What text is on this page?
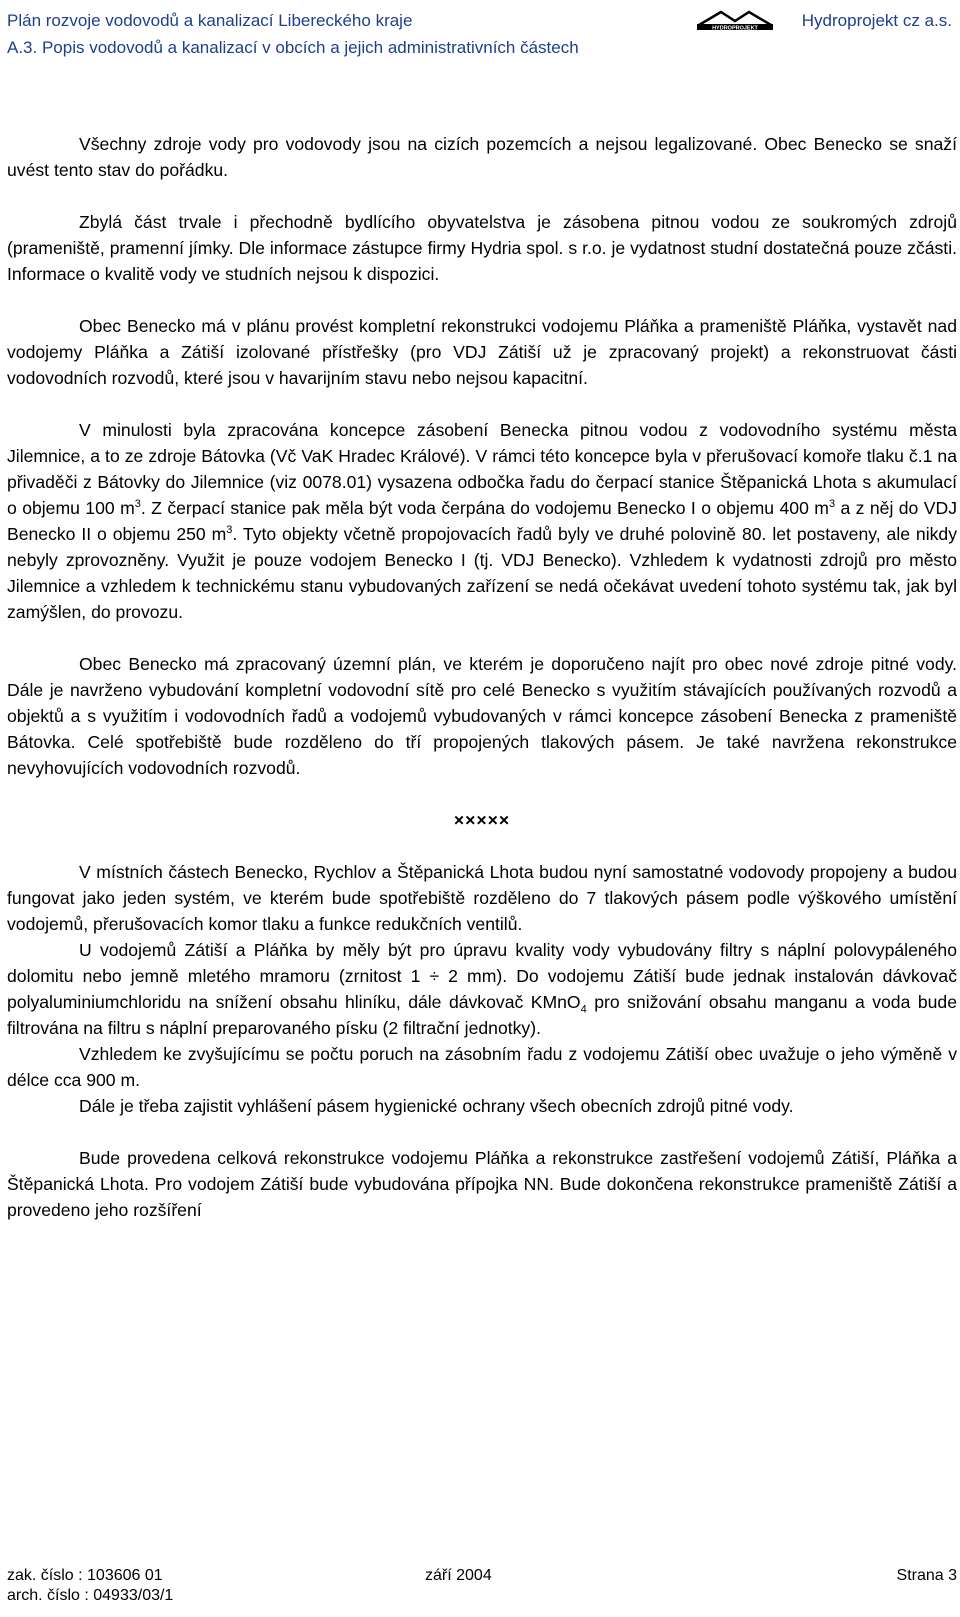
Plán rozvoje vodovodů a kanalizací Libereckého kraje	HYDROPROJEKT	Hydroprojekt cz a.s.
A.3. Popis vodovodů a kanalizací v obcích a jejich administrativních částech

Všechny zdroje vody pro vodovody jsou na cizích pozemcích a nejsou legalizované. Obec Benecko se snaží uvést tento stav do pořádku.

Zbylá část trvale i přechodně bydlícího obyvatelstva je zásobena pitnou vodou ze soukromých zdrojů (prameniště, pramenní jímky. Dle informace zástupce firmy Hydria spol. s r.o. je vydatnost studní dostatečná pouze zčásti. Informace o kvalitě vody ve studních nejsou k dispozici.

Obec Benecko má v plánu provést kompletní rekonstrukci vodojemu Pláňka a prameniště Pláňka, vystavět nad vodojemy Pláňka a Zátiší izolované přístřešky (pro VDJ Zátiší už je zpracovaný projekt) a rekonstruovat části vodovodních rozvodů, které jsou v havarijním stavu nebo nejsou kapacitní.

V minulosti byla zpracována koncepce zásobení Benecka pitnou vodou z vodovodního systému města Jilemnice, a to ze zdroje Bátovka (Vč VaK Hradec Králové). V rámci této koncepce byla v přerušovací komoře tlaku č.1 na přivaděči z Bátovky do Jilemnice (viz 0078.01) vysazena odbočka řadu do čerpací stanice Štěpanická Lhota s akumulací o objemu 100 $m^3$. Z čerpací stanice pak měla být voda čerpána do vodojemu Benecko I o objemu 400 $m^3$ a z něj do VDJ Benecko II o objemu 250 $m^3$. Tyto objekty včetně propojovacích řadů byly ve druhé polovině 80. let postaveny, ale nikdy nebyly zprovozněny. Využit je pouze vodojem Benecko I (tj. VDJ Benecko). Vzhledem k vydatnosti zdrojů pro město Jilemnice a vzhledem k technickému stanu vybudovaných zařízení se nedá očekávat uvedení tohoto systému tak, jak byl zamýšlen, do provozu.

Obec Benecko má zpracovaný územní plán, ve kterém je doporučeno najít pro obec nové zdroje pitné vody. Dále je navrženo vybudování kompletní vodovodní sítě pro celé Benecko s využitím stávajících používaných rozvodů a objektů a s využitím i vodovodních řadů a vodojemů vybudovaných v rámci koncepce zásobení Benecka z prameniště Bátovka. Celé spotřebiště bude rozděleno do tří propojených tlakových pásem. Je také navržena rekonstrukce nevyhovujících vodovodních rozvodů.

×××××

V místních částech Benecko, Rychlov a Štěpanická Lhota budou nyní samostatné vodovody propojeny a budou fungovat jako jeden systém, ve kterém bude spotřebiště rozděleno do 7 tlakových pásem podle výškového umístění vodojemů, přerušovacích komor tlaku a funkce redukčních ventilů.

U vodojemů Zátiší a Pláňka by měly být pro úpravu kvality vody vybudovány filtry s náplní polovypáleného dolomitu nebo jemně mletého mramoru (zrnitost 1 ÷ 2 mm). Do vodojemu Zátiší bude jednak instalován dávkovač polyaluminiumchloridu na snížení obsahu hliníku, dále dávkovač KMnO$_4$ pro snižování obsahu manganu a voda bude filtrována na filtru s náplní preparovaného písku (2 filtrační jednotky).

Vzhledem ke zvyšujícímu se počtu poruch na zásobním řadu z vodojemu Zátiší obec uvažuje o jeho výměně v délce cca 900 m.

Dále je třeba zajistit vyhlášení pásem hygienické ochrany všech obecních zdrojů pitné vody.

Bude provedena celková rekonstrukce vodojemu Pláňka a rekonstrukce zastřešení vodojemů Zátiší, Pláňka a Štěpanická Lhota. Pro vodojem Zátiší bude vybudována přípojka NN. Bude dokončena rekonstrukce prameniště Zátiší a provedeno jeho rozšíření

zak. číslo : 103606 01	září 2004	Strana 3
arch. číslo : 04933/03/1
